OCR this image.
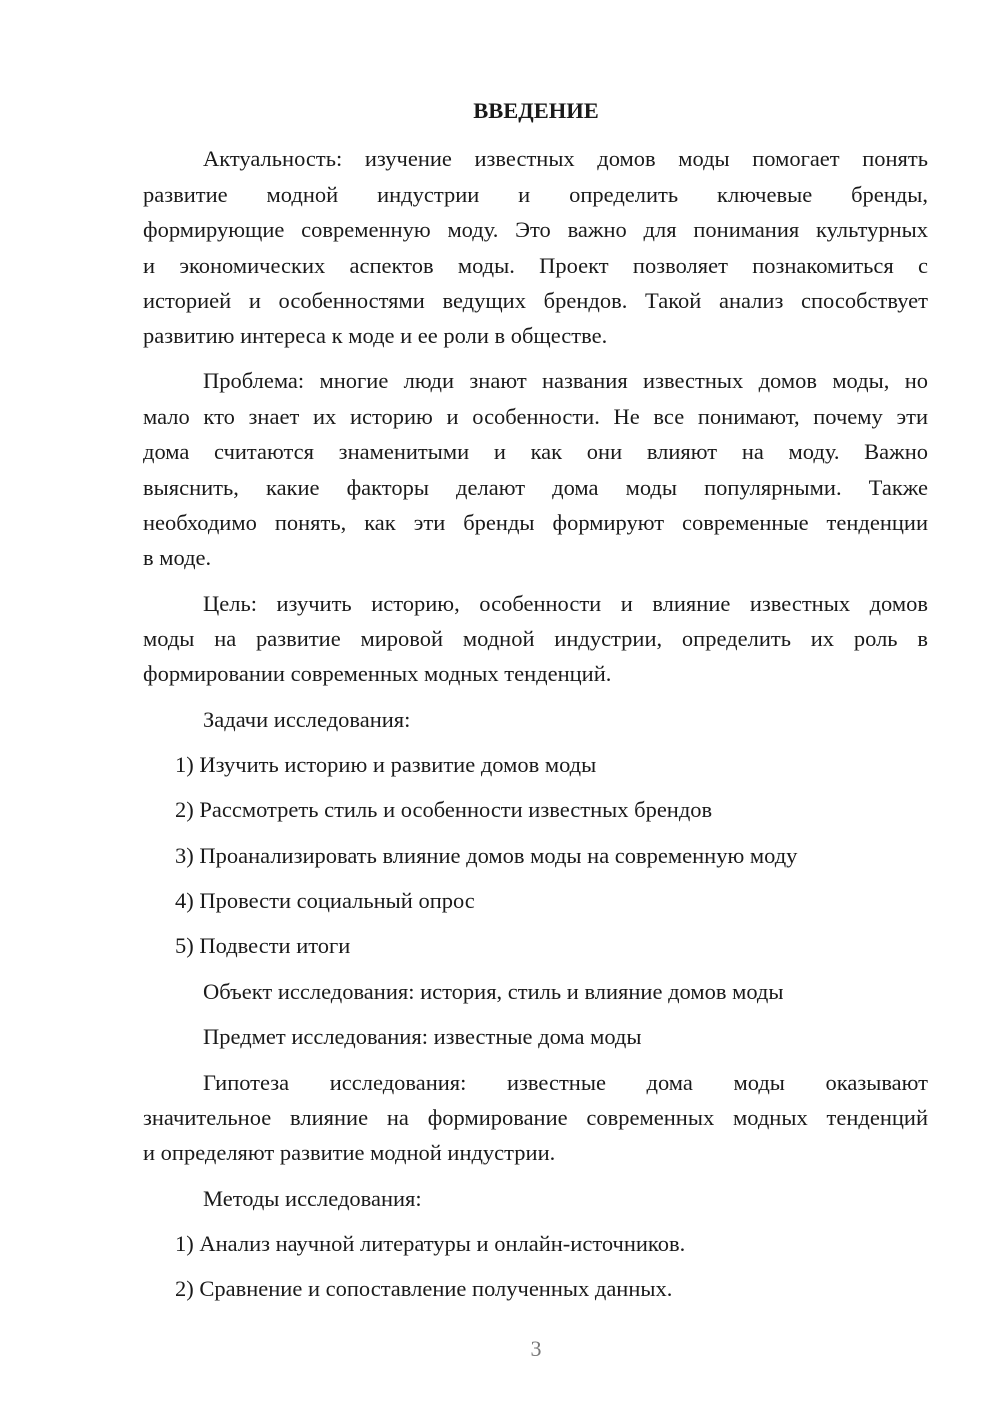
ВВЕДЕНИЕ
Актуальность: изучение известных домов моды помогает понять
развитие модной индустрии и определить ключевые бренды,
формирующие современную моду. Это важно для понимания культурных
и экономических аспектов моды. Проект позволяет познакомиться с
историей и особенностями ведущих брендов. Такой анализ способствует
развитию интереса к моде и ее роли в обществе.
Проблема: многие люди знают названия известных домов моды, но
мало кто знает их историю и особенности. Не все понимают, почему эти
дома считаются знаменитыми и как они влияют на моду. Важно
выяснить, какие факторы делают дома моды популярными. Также
необходимо понять, как эти бренды формируют современные тенденции
в моде.
Цель: изучить историю, особенности и влияние известных домов
моды на развитие мировой модной индустрии, определить их роль в
формировании современных модных тенденций.
Задачи исследования:
1) Изучить историю и развитие домов моды
2) Рассмотреть стиль и особенности известных брендов
3) Проанализировать влияние домов моды на современную моду
4) Провести социальный опрос
5) Подвести итоги
Объект исследования: история, стиль и влияние домов моды
Предмет исследования: известные дома моды
Гипотеза исследования: известные дома моды оказывают
значительное влияние на формирование современных модных тенденций
и определяют развитие модной индустрии.
Методы исследования:
1) Анализ научной литературы и онлайн-источников.
2) Сравнение и сопоставление полученных данных.
3
